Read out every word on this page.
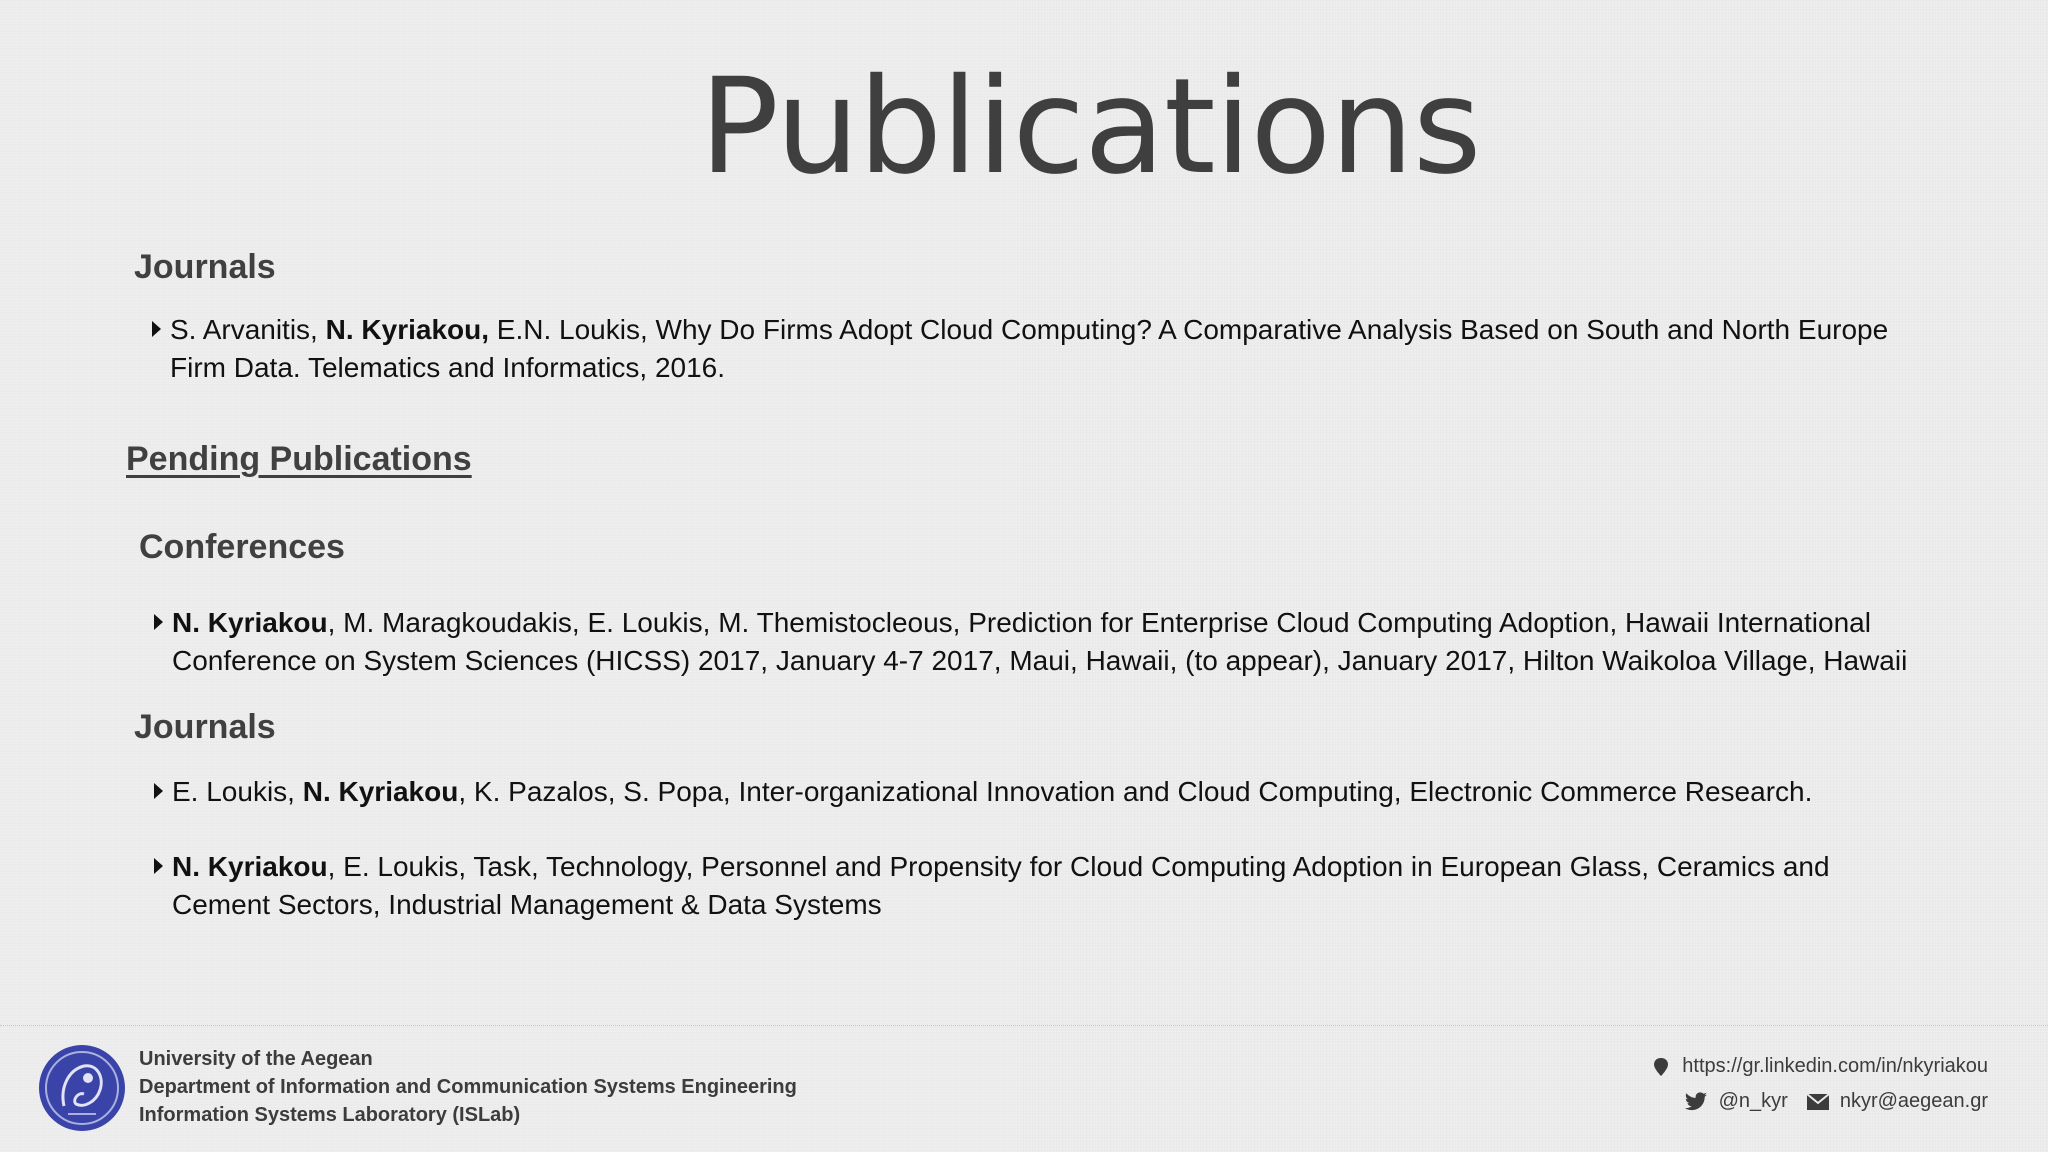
Publications
Journals
S. Arvanitis, N. Kyriakou, E.N. Loukis, Why Do Firms Adopt Cloud Computing? A Comparative Analysis Based on South and North Europe
Firm Data. Telematics and Informatics, 2016.
Pending Publications
Conferences
N. Kyriakou, M. Maragkoudakis, E. Loukis, M. Themistocleous, Prediction for Enterprise Cloud Computing Adoption, Hawaii International
Conference on System Sciences (HICSS) 2017, January 4-7 2017, Maui, Hawaii, (to appear), January 2017, Hilton Waikoloa Village, Hawaii
Journals
E. Loukis, N. Kyriakou, K. Pazalos, S. Popa, Inter-organizational Innovation and Cloud Computing, Electronic Commerce Research.
N. Kyriakou, E. Loukis, Task, Technology, Personnel and Propensity for Cloud Computing Adoption in European Glass, Ceramics and
Cement Sectors, Industrial Management & Data Systems
University of the Aegean
Department of Information and Communication Systems Engineering
Information Systems Laboratory (ISLab)
https://gr.linkedin.com/in/nkyriakou
@n_kyr	nkyr@aegean.gr
